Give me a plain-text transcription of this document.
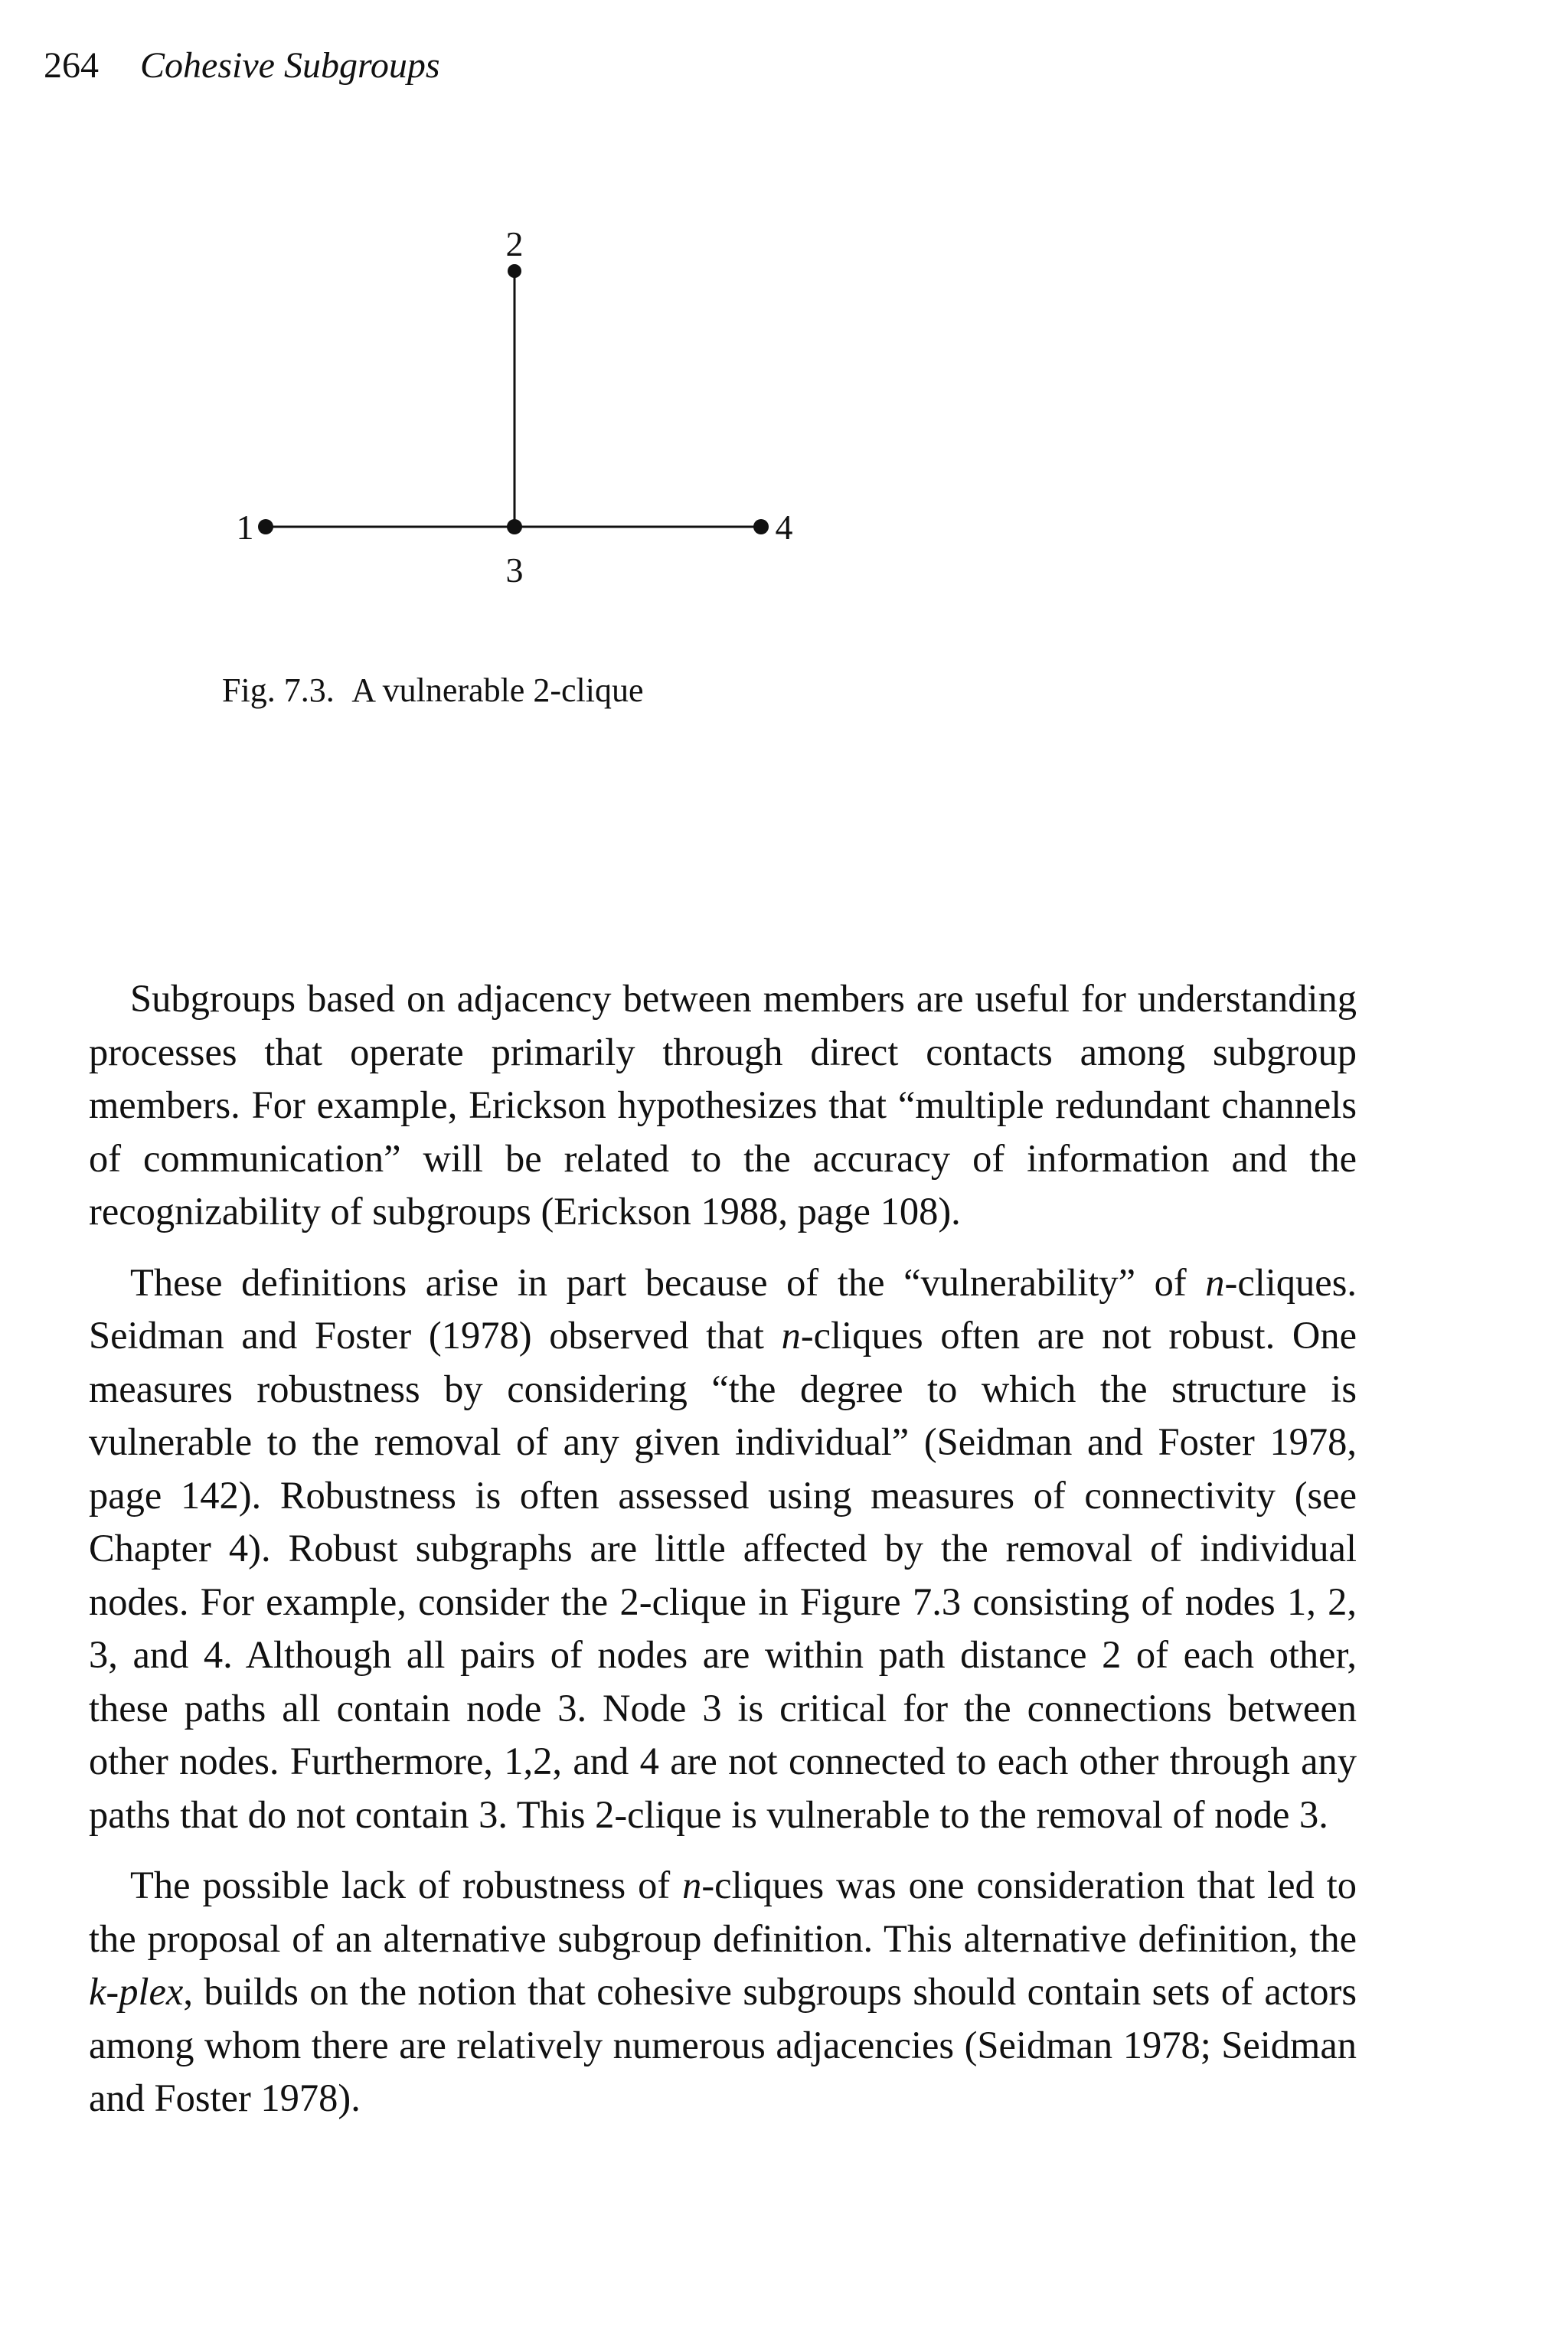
264 Cohesive Subgroups
2
1
3
4
Fig. 7.3. A vulnerable 2-clique

Subgroups based on adjacency between members are useful for understanding processes that operate primarily through direct contacts among subgroup members. For example, Erickson hypothesizes that “multiple redundant channels of communication” will be related to the accuracy of information and the recognizability of subgroups (Erickson 1988, page 108).

These definitions arise in part because of the “vulnerability” of n-​cliques. Seidman and Foster (1978) observed that n-cliques often are not robust. One measures robustness by considering “the degree to which the structure is vulnerable to the removal of any given individual” (Seidman and Foster 1978, page 142). Robustness is often assessed using measures of connectivity (see Chapter 4). Robust subgraphs are little affected by the removal of individual nodes. For example, consider the 2-clique in Figure 7.3 consisting of nodes 1, 2, 3, and 4. Although all pairs of nodes are within path distance 2 of each other, these paths all contain node 3. Node 3 is critical for the connections between other nodes. Furthermore, 1,2, and 4 are not connected to each other through any paths that do not contain 3. This 2-clique is vulnerable to the removal of node 3.

The possible lack of robustness of n-cliques was one consideration that led to the proposal of an alternative subgroup definition. This alternative definition, the k-plex, builds on the notion that cohesive subgroups should contain sets of actors among whom there are relatively numerous adjacencies (Seidman 1978; Seidman and Foster 1978).
